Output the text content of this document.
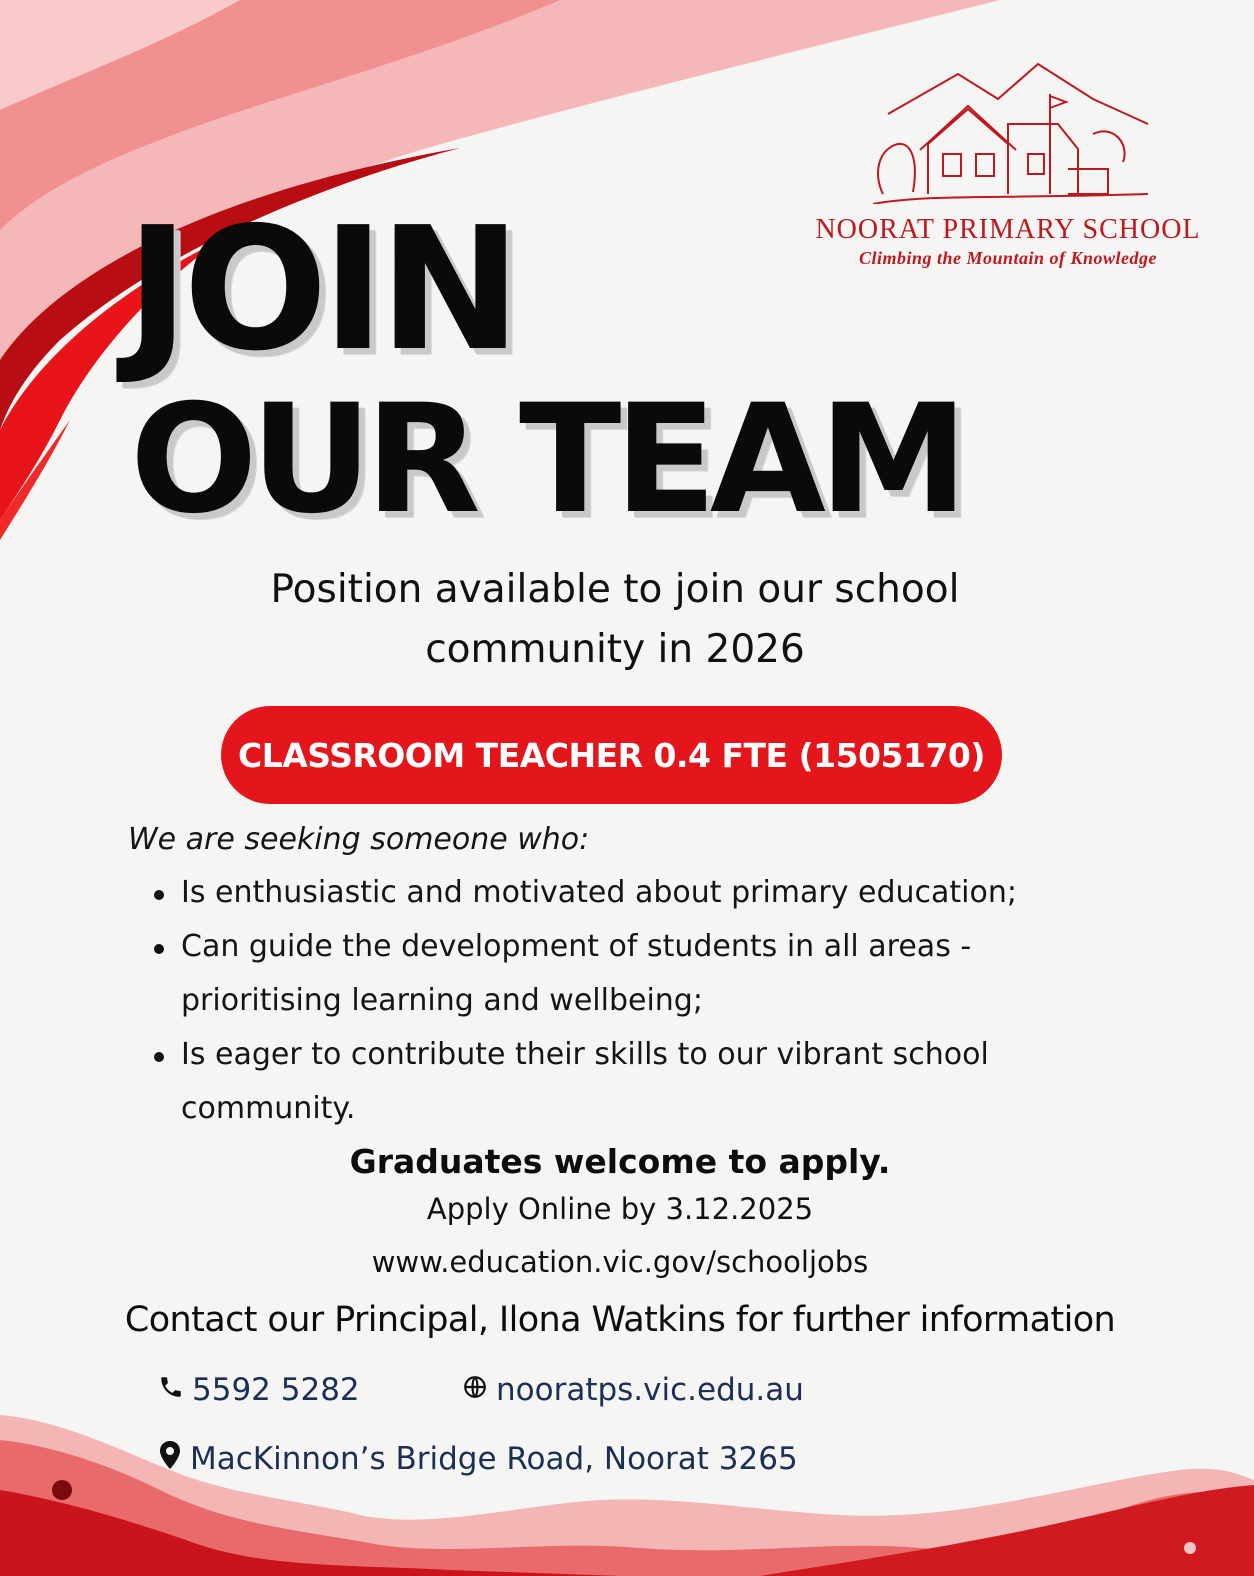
NOORAT PRIMARY SCHOOL
Climbing the Mountain of Knowledge
JOIN
OUR TEAM
Position available to join our school
community in 2026
CLASSROOM TEACHER 0.4 FTE (1505170)
We are seeking someone who:
Is enthusiastic and motivated about primary education;
Can guide the development of students in all areas - prioritising learning and wellbeing;
Is eager to contribute their skills to our vibrant school community.
Graduates welcome to apply.
Apply Online by 3.12.2025
www.education.vic.gov/schooljobs
Contact our Principal, Ilona Watkins for further information
5592 5282	nooratps.vic.edu.au
MacKinnon’s Bridge Road, Noorat 3265
